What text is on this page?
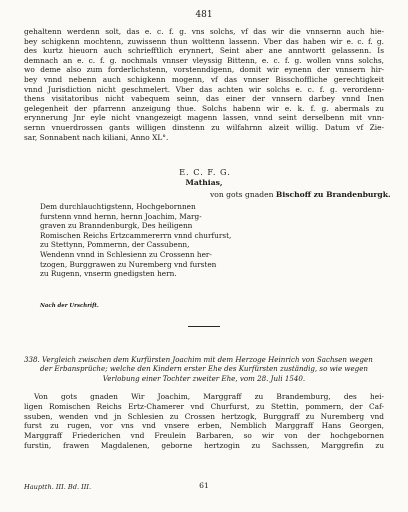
481
gehaltenn werdenn solt, das e. c. f. g. vns solchs, vf das wir die vnnsernn auch hie-
bey schigkenn mochtenn, zuwissenn thun wolttenn lassenn. Vber das haben wir e. c. f. g.
des kurtz hieuorn auch schriefftlich erynnert, Seint aber ane anntwortt gelassenn. Is
demnach an e. c. f. g. nochmals vnnser vleyssig Bittenn, e. c. f. g. wollen vnns solchs,
wo deme also zum forderlichstenn, vorstenndigenn, domit wir eynenn der vnnsern hir-
bey vnnd nebenn auch schigkenn mogenn, vf das vnnser Bisschoffliche gerechtigkeit
vnnd Jurisdiction nicht geschmelert. Vber das achten wir solchs e. c. f. g. verordenn-
thens visitatoribus nicht vabequem seinn, das einer der vnnsern darbey vnnd Inen
gelegenheit der pfarrenn anzeigung thue. Solchs habenn wir e. k. f. g. abermals zu
erynnerung Jnr eyle nicht vnangezeigt magenn lassen, vnnd seint derselbenn mit vnn-
sernn vnuerdrossen gants willigen dinstenn zu wilfahrnn alzeit willig. Datum vf Zie-
sar, Sonnabent nach kiliani, Anno XL°.
E. C. F. G.
Mathias,
von gots gnaden Bischoff zu Brandenburgk.
Dem durchlauchtigstenn, Hochgebornnen
furstenn vnnd hernn, hernn Joachim, Marg-
graven zu Branndenburgk, Des heiligenn
Romischen Reichs Ertzcammererrn vnnd churfurst,
zu Stettynn, Pommernn, der Cassubenn,
Wendenn vnnd in Schlesienn zu Crossenn her-
tzogen, Burggrawen zu Nuremberg vnd fursten
zu Rugenn, vnserm gnedigsten hern.
Nach der Urschrift.
338. Vergleich zwischen dem Kurfürsten Joachim mit dem Herzoge Heinrich von Sachsen wegen
der Erbansprüche; welche den Kindern erster Ehe des Kurfürsten zuständig, so wie wegen
Verlobung einer Tochter zweiter Ehe, vom 28. Juli 1540.
Von gots gnaden Wir Joachim, Marggraff zu Brandemburg, des hei-
ligen Romischen Reichs Ertz-Chamerer vnd Churfurst, zu Stettin, pommern, der Caf-
ssuben, wenden vnd jn Schlesien zu Crossen hertzogk, Burggraff zu Nuremberg vnd
furst zu rugen, vor vns vnd vnsere erben, Nemblich Marggraff Hans Georgen,
Marggraff Friederichen vnd Freulein Barbaren, so wir von der hochgebornen
furstin, frawen Magdalenen, geborne hertzogin zu Sachssen, Marggrefin zu
Hauptth. III. Bd. III.	61
